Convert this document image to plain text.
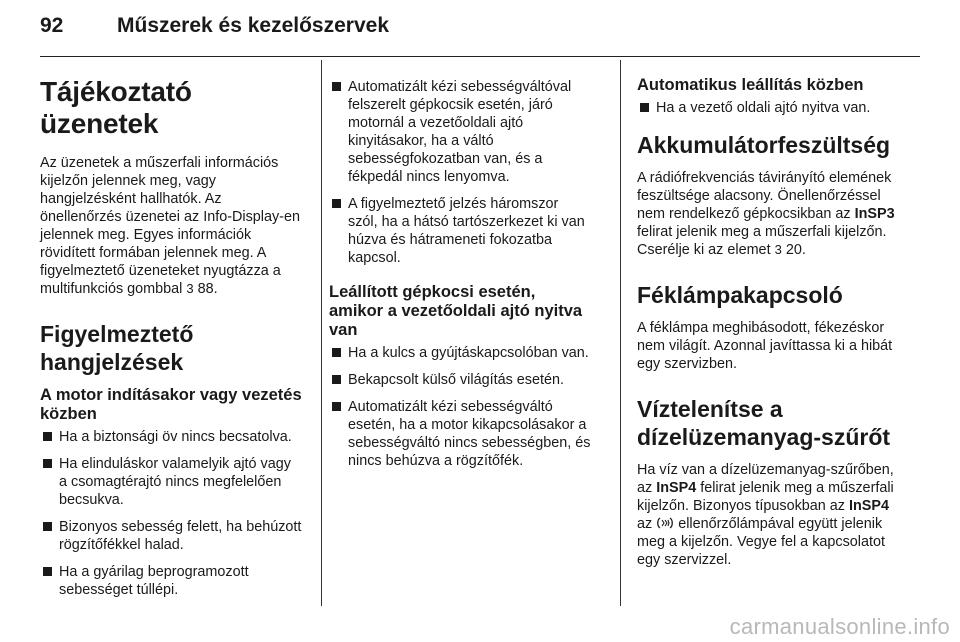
92	Műszerek és kezelőszervek
Tájékoztató üzenetek

Az üzenetek a műszerfali információs kijelzőn jelennek meg, vagy hangjelzésként hallhatók. Az önellenőrzés üzenetei az Info-Display-en jelennek meg. Egyes információk rövidített formában jelennek meg. A figyelmeztető üzeneteket nyugtázza a multifunkciós gombbal 3 88.

Figyelmeztető hangjelzések
A motor indításakor vagy vezetés közben
Ha a biztonsági öv nincs becsatolva.
Ha elinduláskor valamelyik ajtó vagy a csomagtérajtó nincs megfelelően becsukva.
Bizonyos sebesség felett, ha behúzott rögzítőfékkel halad.
Ha a gyárilag beprogramozott sebességet túllépi.
Automatizált kézi sebességváltóval felszerelt gépkocsik esetén, járó motornál a vezetőoldali ajtó kinyitásakor, ha a váltó sebességfokozatban van, és a fékpedál nincs lenyomva.
A figyelmeztető jelzés háromszor szól, ha a hátsó tartószerkezet ki van húzva és hátrameneti fokozatba kapcsol.
Leállított gépkocsi esetén, amikor a vezetőoldali ajtó nyitva van
Ha a kulcs a gyújtáskapcsolóban van.
Bekapcsolt külső világítás esetén.
Automatizált kézi sebességváltó esetén, ha a motor kikapcsolásakor a sebességváltó nincs sebességben, és nincs behúzva a rögzítőfék.
Automatikus leállítás közben
Ha a vezető oldali ajtó nyitva van.
Akkumulátorfeszültség

A rádiófrekvenciás távirányító elemének feszültsége alacsony. Önellenőrzéssel nem rendelkező gépkocsikban az InSP3 felirat jelenik meg a műszerfali kijelzőn. Cserélje ki az elemet 3 20.

Féklámpakapcsoló

A féklámpa meghibásodott, fékezéskor nem világít. Azonnal javíttassa ki a hibát egy szervizben.

Víztelenítse a dízelüzemanyag-szűrőt

Ha víz van a dízelüzemanyag-szűrőben, az InSP4 felirat jelenik meg a műszerfali kijelzőn. Bizonyos típusokban az InSP4 az ellenőrzőlámpával együtt jelenik meg a kijelzőn. Vegye fel a kapcsolatot egy szervizzel.

carmanualsonline.info
